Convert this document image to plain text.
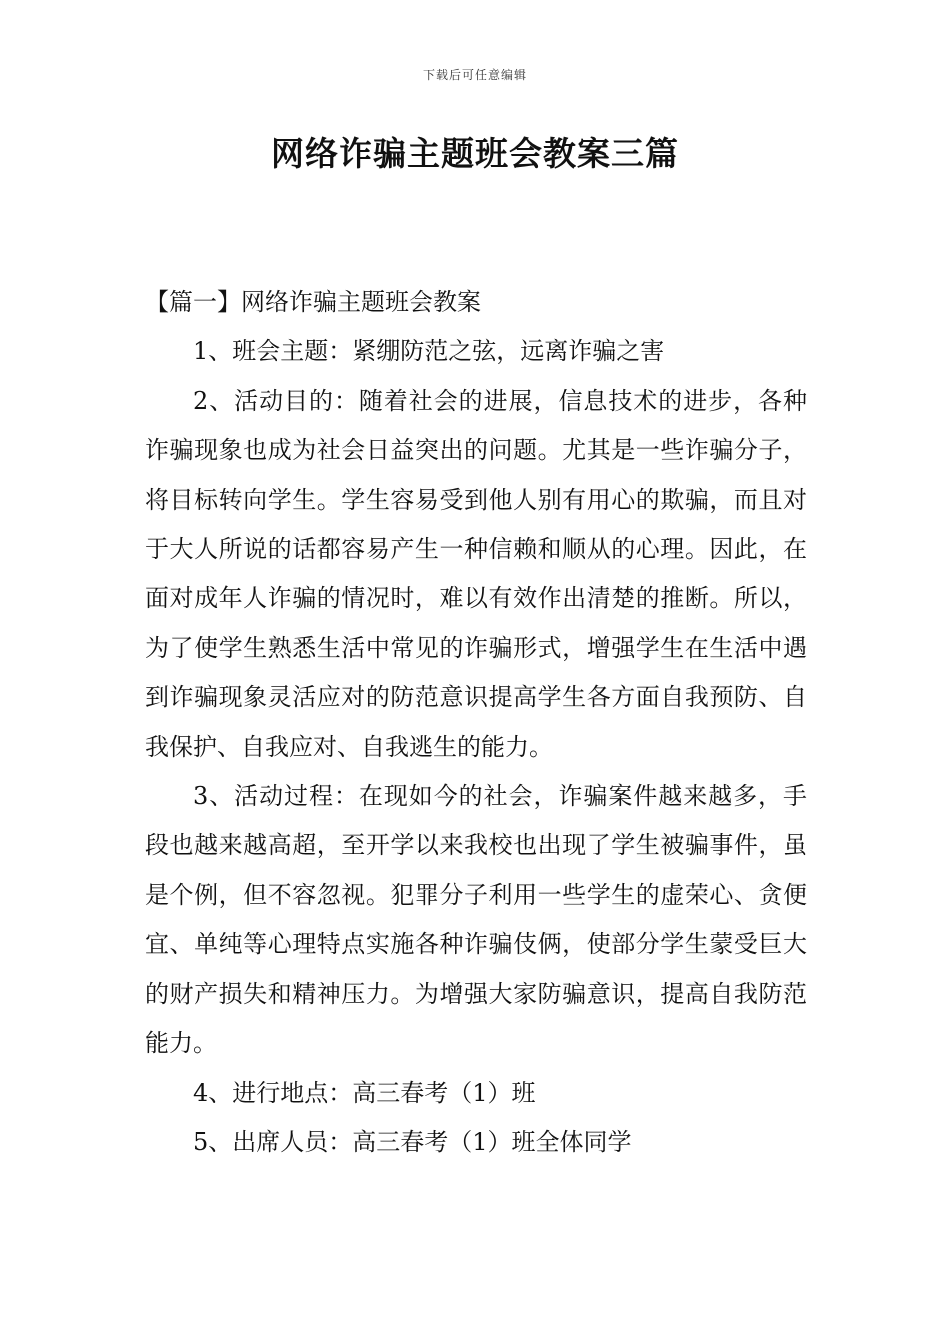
下载后可任意编辑
网络诈骗主题班会教案三篇

【篇一】网络诈骗主题班会教案

1、班会主题：紧绷防范之弦，远离诈骗之害

2、活动目的：随着社会的进展，信息技术的进步，各种诈骗现象也成为社会日益突出的问题。尤其是一些诈骗分子，将目标转向学生。学生容易受到他人别有用心的欺骗，而且对于大人所说的话都容易产生一种信赖和顺从的心理。因此，在面对成年人诈骗的情况时，难以有效作出清楚的推断。所以，为了使学生熟悉生活中常见的诈骗形式，增强学生在生活中遇到诈骗现象灵活应对的防范意识提高学生各方面自我预防、自我保护、自我应对、自我逃生的能力。

3、活动过程：在现如今的社会，诈骗案件越来越多，手段也越来越高超，至开学以来我校也出现了学生被骗事件，虽是个例，但不容忽视。犯罪分子利用一些学生的虚荣心、贪便宜、单纯等心理特点实施各种诈骗伎俩，使部分学生蒙受巨大的财产损失和精神压力。为增强大家防骗意识，提高自我防范能力。

4、进行地点：高三春考（1）班

5、出席人员：高三春考（1）班全体同学
